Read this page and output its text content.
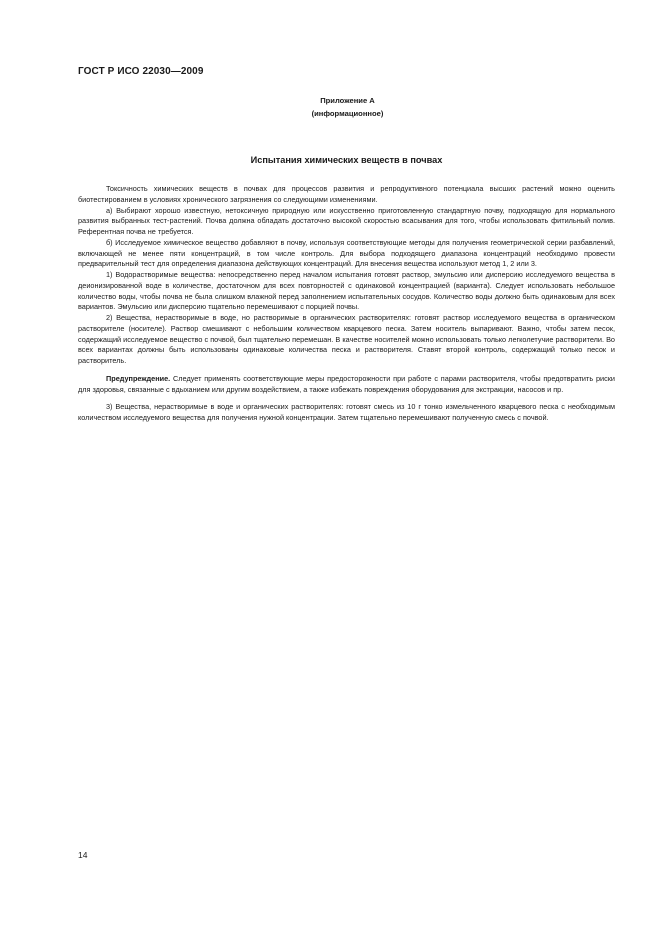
ГОСТ Р ИСО 22030—2009
Приложение А
(информационное)
Испытания химических веществ в почвах

Токсичность химических веществ в почвах для процессов развития и репродуктивного потенциала высших растений можно оценить биотестированием в условиях хронического загрязнения со следующими изменениями.

а) Выбирают хорошо известную, нетоксичную природную или искусственно приготовленную стандартную почву, подходящую для нормального развития выбранных тест-растений. Почва должна обладать достаточно высокой скоростью всасывания для того, чтобы использовать фитильный полив. Референтная почва не требуется.

б) Исследуемое химическое вещество добавляют в почву, используя соответствующие методы для получения геометрической серии разбавлений, включающей не менее пяти концентраций, в том числе контроль. Для выбора подходящего диапазона концентраций необходимо провести предварительный тест для определения диапазона действующих концентраций. Для внесения вещества используют метод 1, 2 или 3.

1) Водорастворимые вещества: непосредственно перед началом испытания готовят раствор, эмульсию или дисперсию исследуемого вещества в деионизированной воде в количестве, достаточном для всех повторностей с одинаковой концентрацией (варианта). Следует использовать небольшое количество воды, чтобы почва не была слишком влажной перед заполнением испытательных сосудов. Количество воды должно быть одинаковым для всех вариантов. Эмульсию или дисперсию тщательно перемешивают с порцией почвы.

2) Вещества, нерастворимые в воде, но растворимые в органических растворителях: готовят раствор исследуемого вещества в органическом растворителе (носителе). Раствор смешивают с небольшим количеством кварцевого песка. Затем носитель выпаривают. Важно, чтобы затем песок, содержащий исследуемое вещество с почвой, был тщательно перемешан. В качестве носителей можно использовать только легколетучие растворители. Во всех вариантах должны быть использованы одинаковые количества песка и растворителя. Ставят второй контроль, содержащий только песок и растворитель.

Предупреждение. Следует применять соответствующие меры предосторожности при работе с парами растворителя, чтобы предотвратить риски для здоровья, связанные с вдыханием или другим воздействием, а также избежать повреждения оборудования для экстракции, насосов и пр.

3) Вещества, нерастворимые в воде и органических растворителях: готовят смесь из 10 г тонко измельченного кварцевого песка с необходимым количеством исследуемого вещества для получения нужной концентрации. Затем тщательно перемешивают полученную смесь с почвой.

14
